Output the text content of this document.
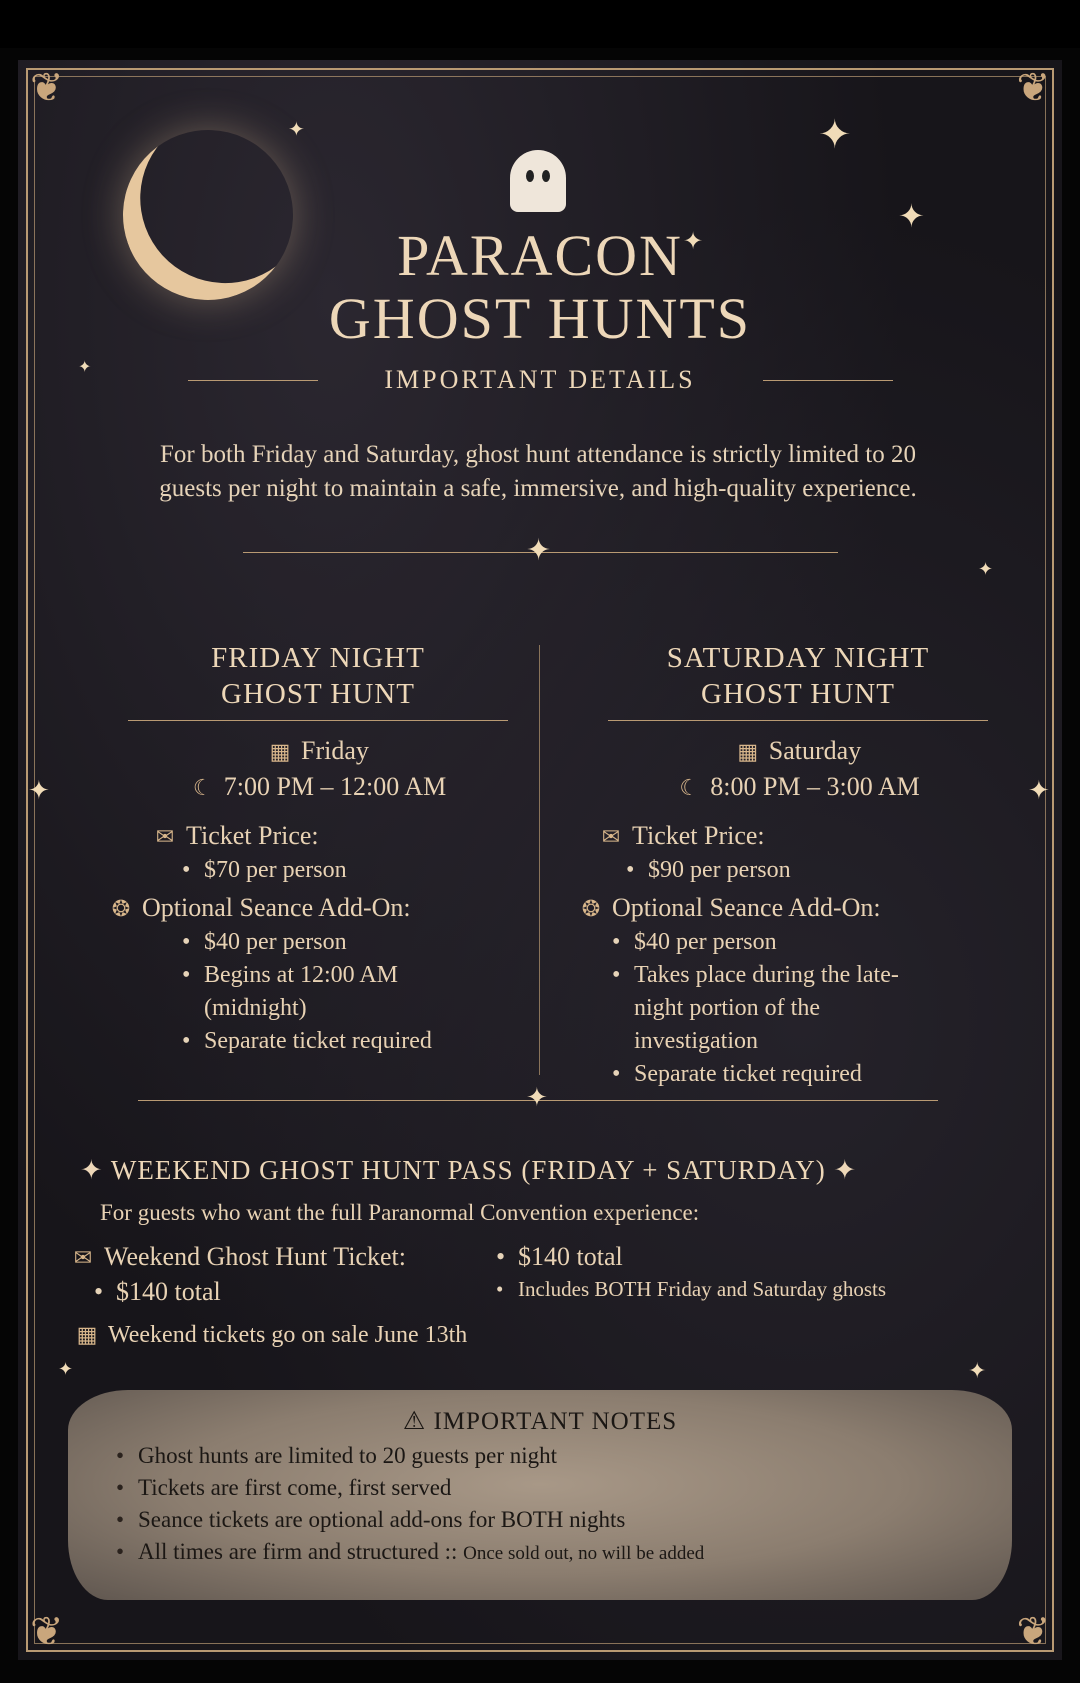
❦	❦
❦	❦
✦
✦
✦
✦
✦
✦
✦	✦
✦	✦
PARACON
GHOST HUNTS
IMPORTANT DETAILS
For both Friday and Saturday, ghost hunt attendance is strictly limited to 20 guests per night to maintain a safe, immersive, and high-quality experience.
✦
FRIDAY NIGHT
GHOST HUNT
▦ Friday
☾ 7:00 PM – 12:00 AM
✉ Ticket Price:
• $70 per person
❂ Optional Seance Add-On:
• $40 per person
• Begins at 12:00 AM (midnight)
• Separate ticket required
SATURDAY NIGHT
GHOST HUNT
▦ Saturday
☾ 8:00 PM – 3:00 AM
✉ Ticket Price:
• $90 per person
❂ Optional Seance Add-On:
• $40 per person
• Takes place during the late-night portion of the investigation
• Separate ticket required
✦
✦ WEEKEND GHOST HUNT PASS (FRIDAY + SATURDAY) ✦
For guests who want the full Paranormal Convention experience:
✉ Weekend Ghost Hunt Ticket:
• $140 total
• $140 total
• Includes BOTH Friday and Saturday ghosts
▦ Weekend tickets go on sale June 13th
⚠ IMPORTANT NOTES
• Ghost hunts are limited to 20 guests per night
• Tickets are first come, first served
• Seance tickets are optional add-ons for BOTH nights
• All times are firm and structured :: Once sold out, no will be added
